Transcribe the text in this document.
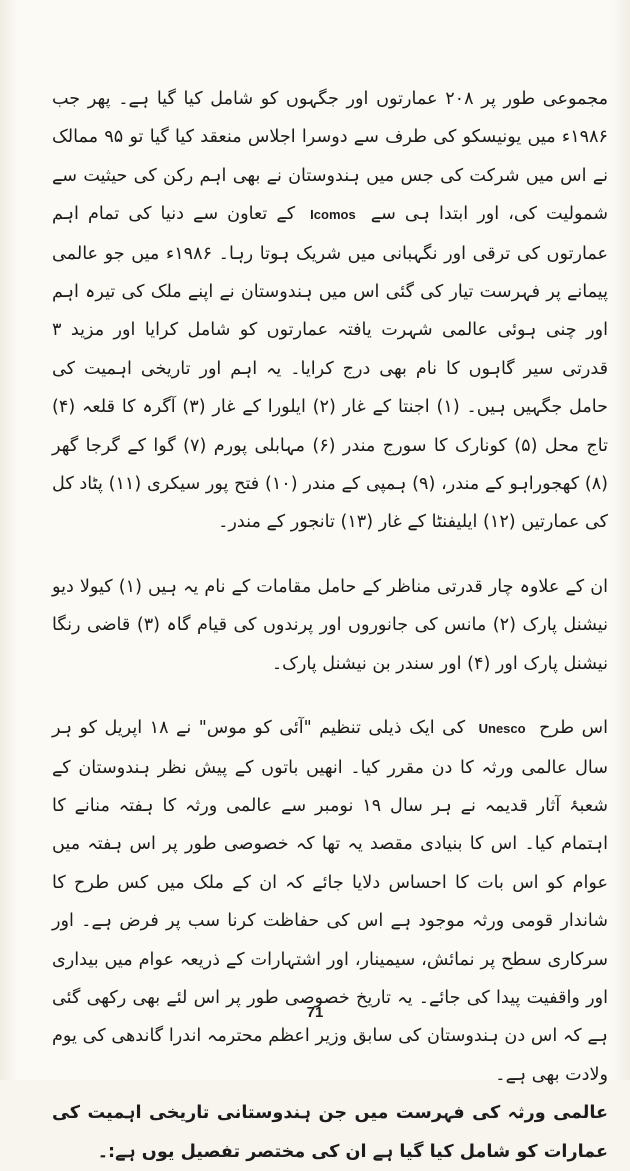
مجموعی طور پر ۲۰۸ عمارتوں اور جگہوں کو شامل کیا گیا ہے۔ پھر جب ۱۹۸۶ء میں یونیسکو کی طرف سے دوسرا اجلاس منعقد کیا گیا تو ۹۵ ممالک نے اس میں شرکت کی جس میں ہندوستان نے بھی اہم رکن کی حیثیت سے شمولیت کی، اور ابتدا ہی سے Icomos کے تعاون سے دنیا کی تمام اہم عمارتوں کی ترقی اور نگہبانی میں شریک ہوتا رہا۔ ۱۹۸۶ء میں جو عالمی پیمانے پر فہرست تیار کی گئی اس میں ہندوستان نے اپنے ملک کی تیرہ اہم اور چنی ہوئی عالمی شہرت یافتہ عمارتوں کو شامل کرایا اور مزید ۳ قدرتی سیر گاہوں کا نام بھی درج کرایا۔ یہ اہم اور تاریخی اہمیت کی حامل جگہیں ہیں۔ (۱) اجنتا کے غار (۲) ایلورا کے غار (۳) آگرہ کا قلعہ (۴) تاج محل (۵) کونارک کا سورج مندر (۶) مہابلی پورم (۷) گوا کے گرجا گھر (۸) کھجوراہو کے مندر، (۹) ہمپی کے مندر (۱۰) فتح پور سیکری (۱۱) پٹاد کل کی عمارتیں (۱۲) ایلیفنٹا کے غار (۱۳) تانجور کے مندر۔

ان کے علاوہ چار قدرتی مناظر کے حامل مقامات کے نام یہ ہیں (۱) کیولا دیو نیشنل پارک (۲) مانس کی جانوروں اور پرندوں کی قیام گاہ (۳) قاضی رنگا نیشنل پارک اور (۴) اور سندر بن نیشنل پارک۔

اس طرح Unesco کی ایک ذیلی تنظیم "آئی کو موس" نے ۱۸ اپریل کو ہر سال عالمی ورثہ کا دن مقرر کیا۔ انھیں باتوں کے پیش نظر ہندوستان کے شعبۂ آثار قدیمہ نے ہر سال ۱۹ نومبر سے عالمی ورثہ کا ہفتہ منانے کا اہتمام کیا۔ اس کا بنیادی مقصد یہ تھا کہ خصوصی طور پر اس ہفتہ میں عوام کو اس بات کا احساس دلایا جائے کہ ان کے ملک میں کس طرح کا شاندار قومی ورثہ موجود ہے اس کی حفاظت کرنا سب پر فرض ہے۔ اور سرکاری سطح پر نمائش، سیمینار، اور اشتہارات کے ذریعہ عوام میں بیداری اور واقفیت پیدا کی جائے۔ یہ تاریخ خصوصی طور پر اس لئے بھی رکھی گئی ہے کہ اس دن ہندوستان کی سابق وزیر اعظم محترمہ اندرا گاندھی کی یوم ولادت بھی ہے۔

عالمی ورثہ کی فہرست میں جن ہندوستانی تاریخی اہمیت کی عمارات کو شامل کیا گیا ہے ان کی مختصر تفصیل یوں ہے:۔

71
